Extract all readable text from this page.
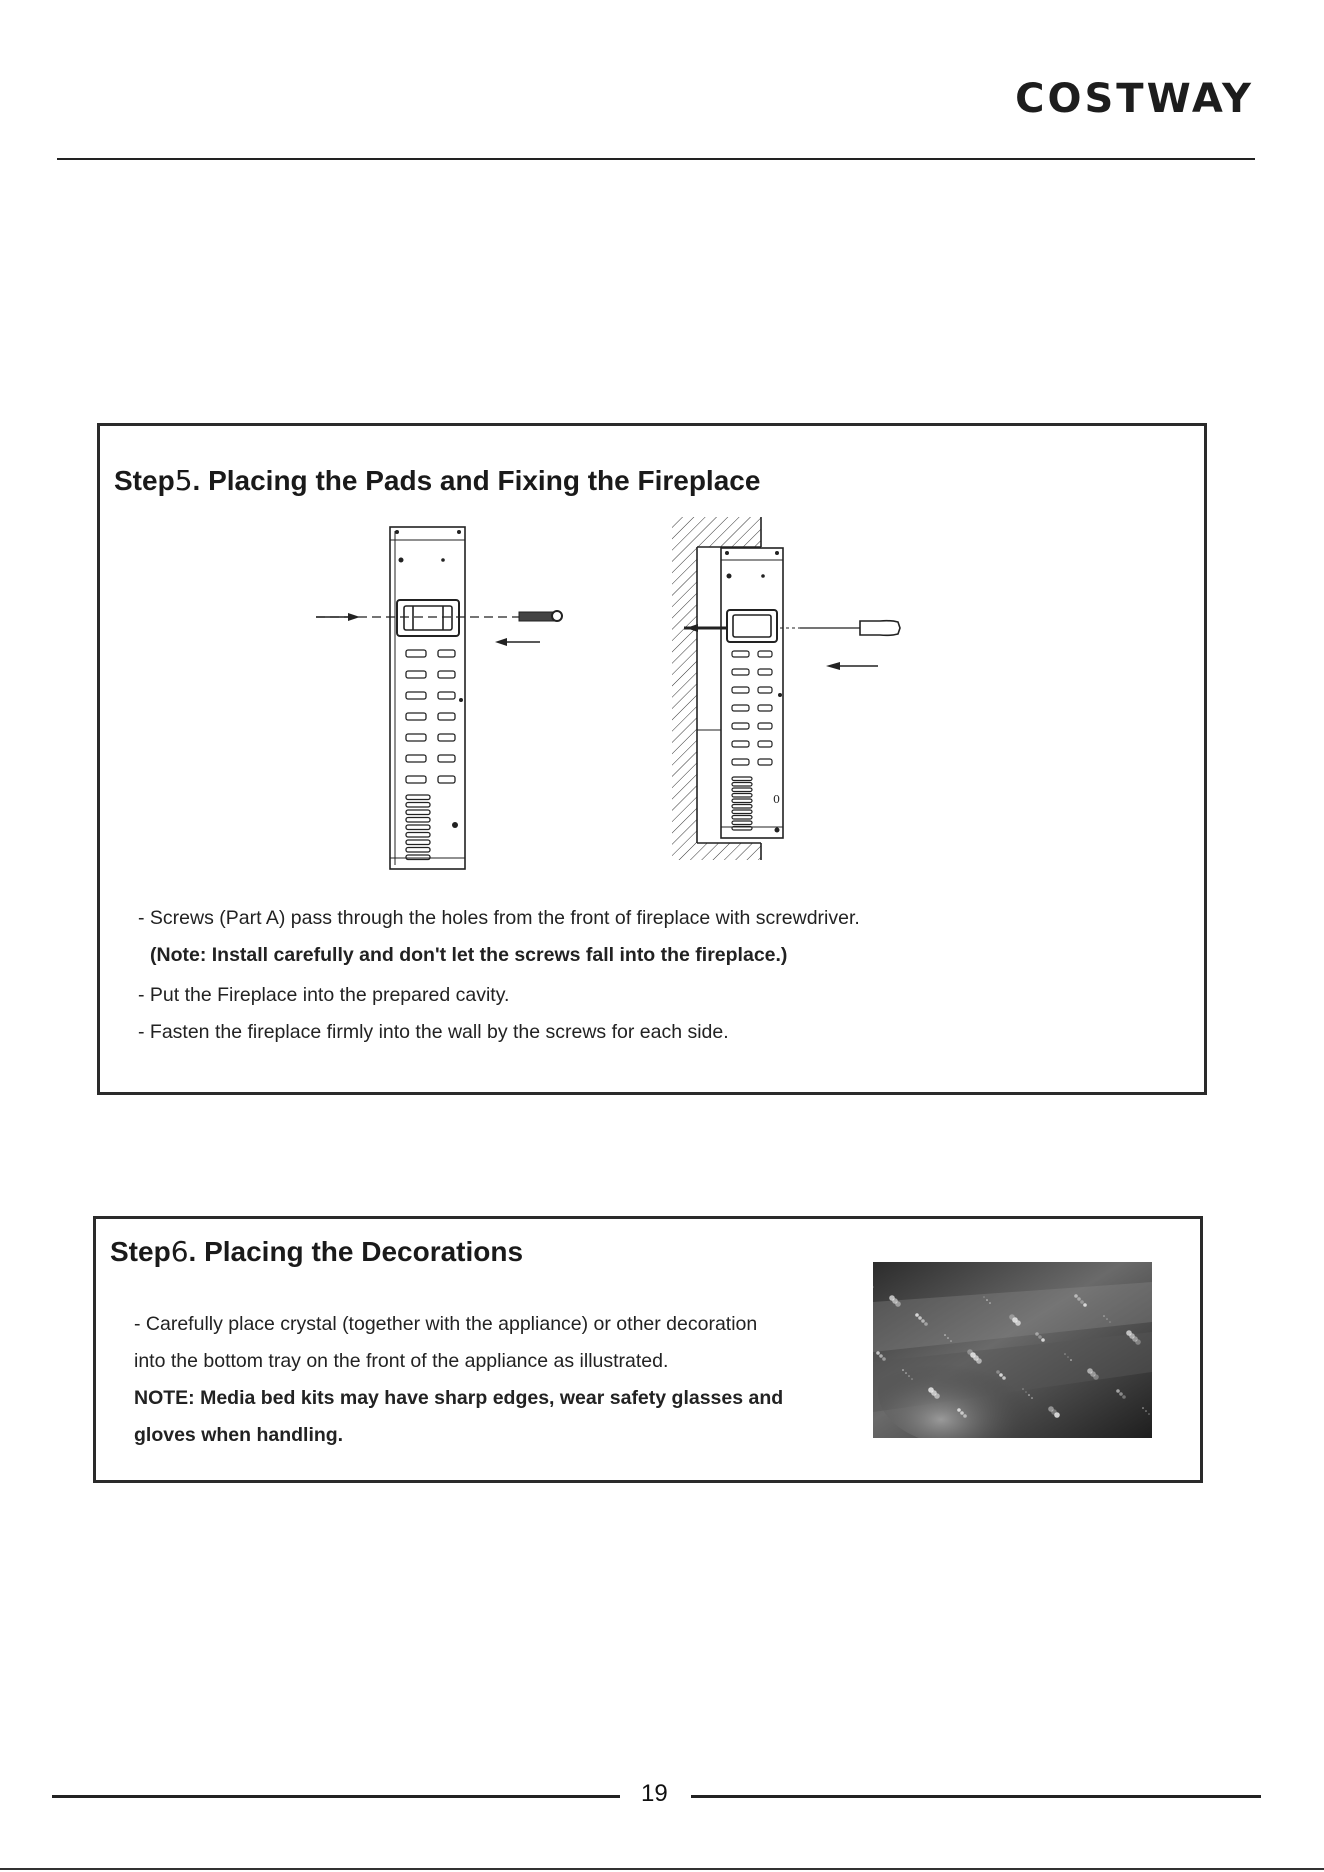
COSTWAY
Step5. Placing the Pads and Fixing the Fireplace
0
- Screws (Part A) pass through the holes from the front of fireplace with screwdriver.
(Note: Install carefully and don't let the screws fall into the fireplace.)
- Put the Fireplace into the prepared cavity.
- Fasten the fireplace firmly into the wall by the screws for each side.
Step6. Placing the Decorations
- Carefully place crystal (together with the appliance) or other decoration
into the bottom tray on the front of the appliance as illustrated.
NOTE: Media bed kits may have sharp edges, wear safety glasses and
gloves when handling.
19
